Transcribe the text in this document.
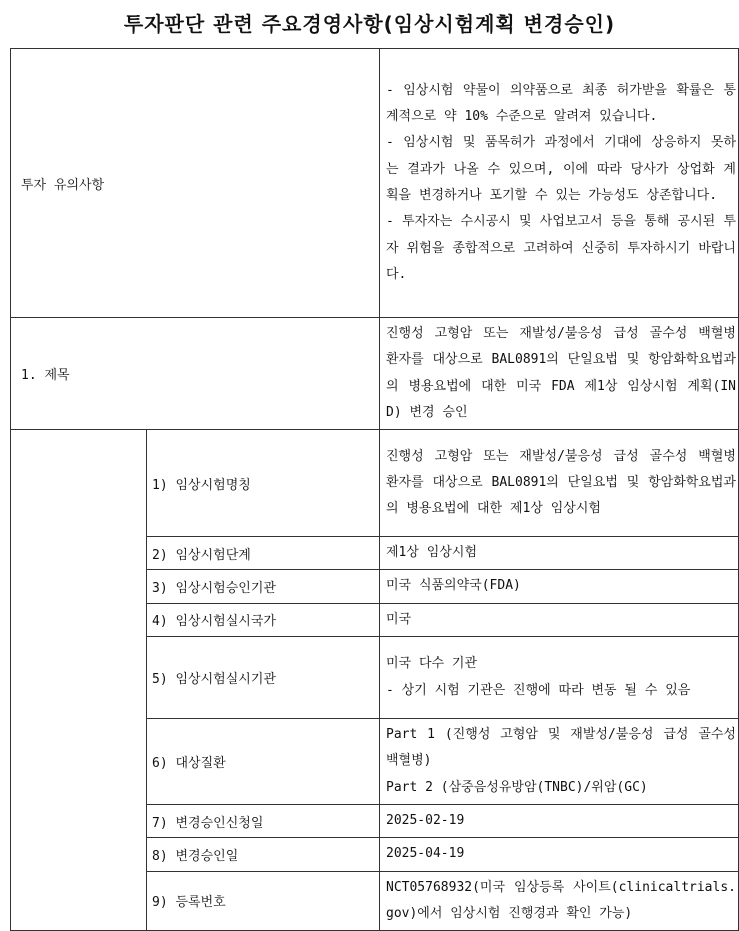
투자판단 관련 주요경영사항(임상시험계획 변경승인)
투자 유의사항		- 임상시험 약물이 의약품으로 최종 허가받을 확률은 통계적으로 약 10% 수준으로 알려져 있습니다.
- 임상시험 및 품목허가 과정에서 기대에 상응하지 못하는 결과가 나올 수 있으며, 이에 따라 당사가 상업화 계획을 변경하거나 포기할 수 있는 가능성도 상존합니다.
- 투자자는 수시공시 및 사업보고서 등을 통해 공시된 투자 위험을 종합적으로 고려하여 신중히 투자하시기 바랍니다.
1. 제목		진행성 고형암 또는 재발성/불응성 급성 골수성 백혈병 환자를 대상으로 BAL0891의 단일요법 및 항암화학요법과의 병용요법에 대한 미국 FDA 제1상 임상시험 계획(IND) 변경 승인
	1) 임상시험명칭	진행성 고형암 또는 재발성/불응성 급성 골수성 백혈병 환자를 대상으로 BAL0891의 단일요법 및 항암화학요법과의 병용요법에 대한 제1상 임상시험
	2) 임상시험단계	제1상 임상시험
	3) 임상시험승인기관	미국 식품의약국(FDA)
	4) 임상시험실시국가	미국
	5) 임상시험실시기관	미국 다수 기관
- 상기 시험 기관은 진행에 따라 변동 될 수 있음
	6) 대상질환	Part 1 (진행성 고형암 및 재발성/불응성 급성 골수성 백혈병)
Part 2 (삼중음성유방암(TNBC)/위암(GC)
	7) 변경승인신청일	2025-02-19
	8) 변경승인일	2025-04-19
	9) 등록번호	NCT05768932(미국 임상등록 사이트(clinicaltrials.gov)에서 임상시험 진행경과 확인 가능)
